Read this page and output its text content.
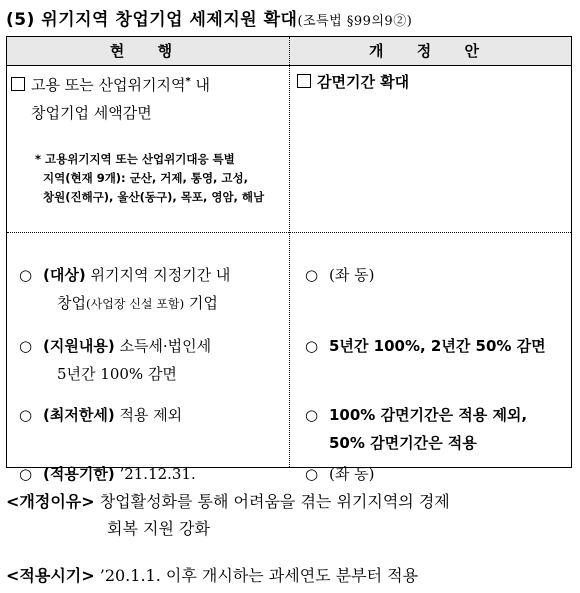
(5) 위기지역 창업기업 세제지원 확대(조특법 §99의9②)
현 행	개 정 안
고용 또는 산업위기지역* 내
창업기업 세액감면
* 고용위기지역 또는 산업위기대응 특별
지역(현재 9개): 군산, 거제, 통영, 고성,
창원(진해구), 울산(동구), 목포, 영암, 해남
○ (대상) 위기지역 지정기간 내
창업(사업장 신설 포함) 기업
○ (지원내용) 소득세·법인세
5년간 100% 감면
○ (최저한세) 적용 제외
○ (적용기한) ’21.12.31.
감면기간 확대
○ (좌 동)
○ 5년간 100%, 2년간 50% 감면
○ 100% 감면기간은 적용 제외,
50% 감면기간은 적용
○ (좌 동)
<개정이유> 창업활성화를 통해 어려움을 겪는 위기지역의 경제
회복 지원 강화
<적용시기> ’20.1.1. 이후 개시하는 과세연도 분부터 적용
